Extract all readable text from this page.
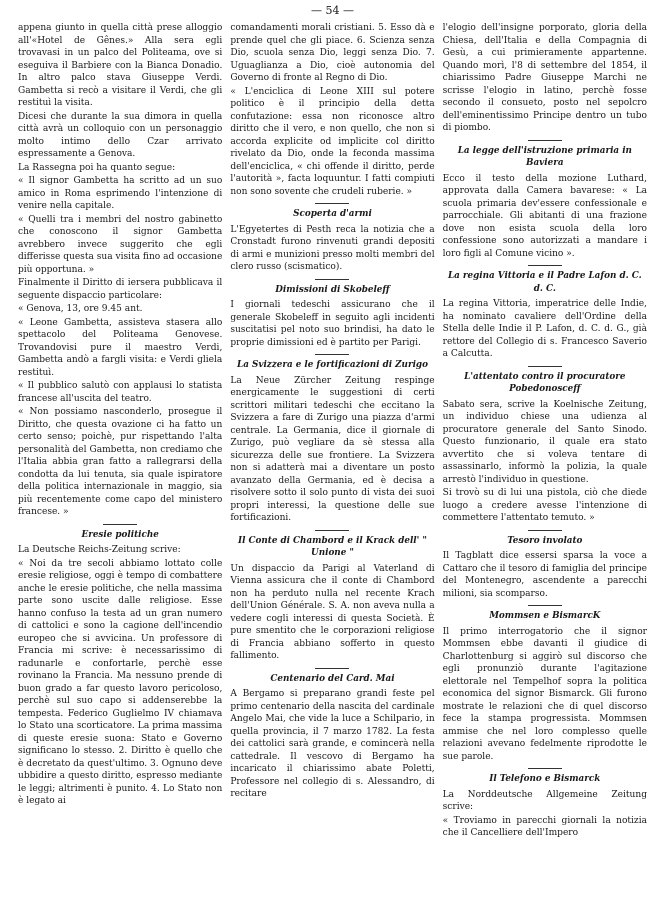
— 54 —

appena giunto in quella città prese alloggio all'«Hotel de Gênes.» Alla sera egli trovavasi in un palco del Politeama, ove si eseguiva il Barbiere con la Bianca Donadio. In altro palco stava Giuseppe Verdi. Gambetta si recò a visitare il Verdi, che gli restituì la visita.

Dicesi che durante la sua dimora in quella città avrà un colloquio con un personaggio molto intimo dello Czar arrivato espressamente a Genova.

La Rassegna poi ha quanto segue:

« Il signor Gambetta ha scritto ad un suo amico in Roma esprimendo l'intenzione di venire nella capitale.

« Quelli tra i membri del nostro gabinetto che conoscono il signor Gambetta avrebbero invece suggerito che egli differisse questa sua visita fino ad occasione più opportuna. »

Finalmente il Diritto di iersera pubblicava il seguente dispaccio particolare:

« Genova, 13, ore 9.45 ant.

« Leone Gambetta, assisteva stasera allo spettacolo del Politeama Genovese. Trovandovisi pure il maestro Verdi, Gambetta andò a fargli visita: e Verdi gliela restituì.

« Il pubblico salutò con applausi lo statista francese all'uscita del teatro.

« Non possiamo nasconderlo, prosegue il Diritto, che questa ovazione ci ha fatto un certo senso; poichè, pur rispettando l'alta personalità del Gambetta, non crediamo che l'Italia abbia gran fatto a rallegrarsi della condotta da lui tenuta, sia quale ispiratore della politica internazionale in maggio, sia più recentemente come capo del ministero francese. »

Eresie politiche

La Deutsche Reichs-Zeitung scrive:

« Noi da tre secoli abbiamo lottato colle eresie religiose, oggi è tempo di combattere anche le eresie politiche, che nella massima parte sono uscite dalle religiose. Esse hanno confuso la testa ad un gran numero di cattolici e sono la cagione dell'incendio europeo che si avvicina. Un professore di Francia mi scrive: è necessarissimo di radunarle e confortarle, perchè esse rovinano la Francia. Ma nessuno prende di buon grado a far questo lavoro pericoloso, perchè sul suo capo si addenserebbe la tempesta. Federico Guglielmo IV chiamava lo Stato una scorticatore. La prima massima di queste eresie suona: Stato e Governo significano lo stesso. 2. Diritto è quello che è decretato da quest'ultimo. 3. Ognuno deve ubbidire a questo diritto, espresso mediante le leggi; altrimenti è punito. 4. Lo Stato non è legato ai

comandamenti morali cristiani. 5. Esso dà e prende quel che gli piace. 6. Scienza senza Dio, scuola senza Dio, leggi senza Dio. 7. Uguaglianza a Dio, cioè autonomia del Governo di fronte al Regno di Dio.

« L'enciclica di Leone XIII sul potere politico è il principio della detta confutazione: essa non riconosce altro diritto che il vero, e non quello, che non si accorda explicite od implicite col diritto rivelato da Dio, onde la feconda massima dell'enciclica, « chi offende il diritto, perde l'autorità », facta loquuntur. I fatti compiuti non sono sovente che crudeli ruberie. »

Scoperta d'armi

L'Egyetertes di Pesth reca la notizia che a Cronstadt furono rinvenuti grandi depositi di armi e munizioni presso molti membri del clero russo (scismatico).

Dimissioni di Skobeleff

I giornali tedeschi assicurano che il generale Skobeleff in seguito agli incidenti suscitatisi pel noto suo brindisi, ha dato le proprie dimissioni ed è partito per Parigi.

La Svizzera e le fortificazioni di Zurigo

La Neue Zürcher Zeitung respinge energicamente le suggestioni di certi scrittori militari tedeschi che eccitano la Svizzera a fare di Zurigo una piazza d'armi centrale. La Germania, dice il giornale di Zurigo, può vegliare da sè stessa alla sicurezza delle sue frontiere. La Svizzera non si adatterà mai a diventare un posto avanzato della Germania, ed è decisa a risolvere sotto il solo punto di vista dei suoi propri interessi, la questione delle sue fortificazioni.

Il Conte di Chambord e il Krack dell' " Unione "

Un dispaccio da Parigi al Vaterland di Vienna assicura che il conte di Chambord non ha perduto nulla nel recente Krach dell'Union Générale. S. A. non aveva nulla a vedere cogli interessi di questa Società. È pure smentito che le corporazioni religiose di Francia abbiano sofferto in questo fallimento.

Centenario del Card. Mai

A Bergamo si preparano grandi feste pel primo centenario della nascita del cardinale Angelo Mai, che vide la luce a Schilpario, in quella provincia, il 7 marzo 1782. La festa dei cattolici sarà grande, e comincerà nella cattedrale. Il vescovo di Bergamo ha incaricato il chiarissimo abate Poletti, Professore nel collegio di s. Alessandro, di recitare

l'elogio dell'insigne porporato, gloria della Chiesa, dell'Italia e della Compagnia di Gesù, a cui primieramente appartenne. Quando morì, l'8 di settembre del 1854, il chiarissimo Padre Giuseppe Marchi ne scrisse l'elogio in latino, perchè fosse secondo il consueto, posto nel sepolcro dell'eminentissimo Principe dentro un tubo di piombo.

La legge dell'istruzione primaria in Baviera

Ecco il testo della mozione Luthard, approvata dalla Camera bavarese: « La scuola primaria dev'essere confessionale e parrocchiale. Gli abitanti di una frazione dove non esista scuola della loro confessione sono autorizzati a mandare i loro figli al Comune vicino ».

La regina Vittoria e il Padre Lafon d. C. d. C.

La regina Vittoria, imperatrice delle Indie, ha nominato cavaliere dell'Ordine della Stella delle Indie il P. Lafon, d. C. d. G., già rettore del Collegio di s. Francesco Saverio a Calcutta.

L'attentato contro il procuratore Pobedonosceff

Sabato sera, scrive la Koelnische Zeitung, un individuo chiese una udienza al procuratore generale del Santo Sinodo. Questo funzionario, il quale era stato avvertito che si voleva tentare di assassinarlo, informò la polizia, la quale arrestò l'individuo in questione.

Si trovò su di lui una pistola, ciò che diede luogo a credere avesse l'intenzione di commettere l'attentato temuto. »

Tesoro involato

Il Tagblatt dice essersi sparsa la voce a Cattaro che il tesoro di famiglia del principe del Montenegro, ascendente a parecchi milioni, sia scomparso.

Mommsen e BismarcK

Il primo interrogatorio che il signor Mommsen ebbe davanti il giudice di Charlottenburg si aggirò sul discorso che egli pronunziò durante l'agitazione elettorale nel Tempelhof sopra la politica economica del signor Bismarck. Gli furono mostrate le relazioni che di quel discorso fece la stampa progressista. Mommsen ammise che nel loro complesso quelle relazioni avevano fedelmente riprodotte le sue parole.

Il Telefono e Bismarck

La Norddeutsche Allgemeine Zeitung scrive:

« Troviamo in parecchi giornali la notizia che il Cancelliere dell'Impero
